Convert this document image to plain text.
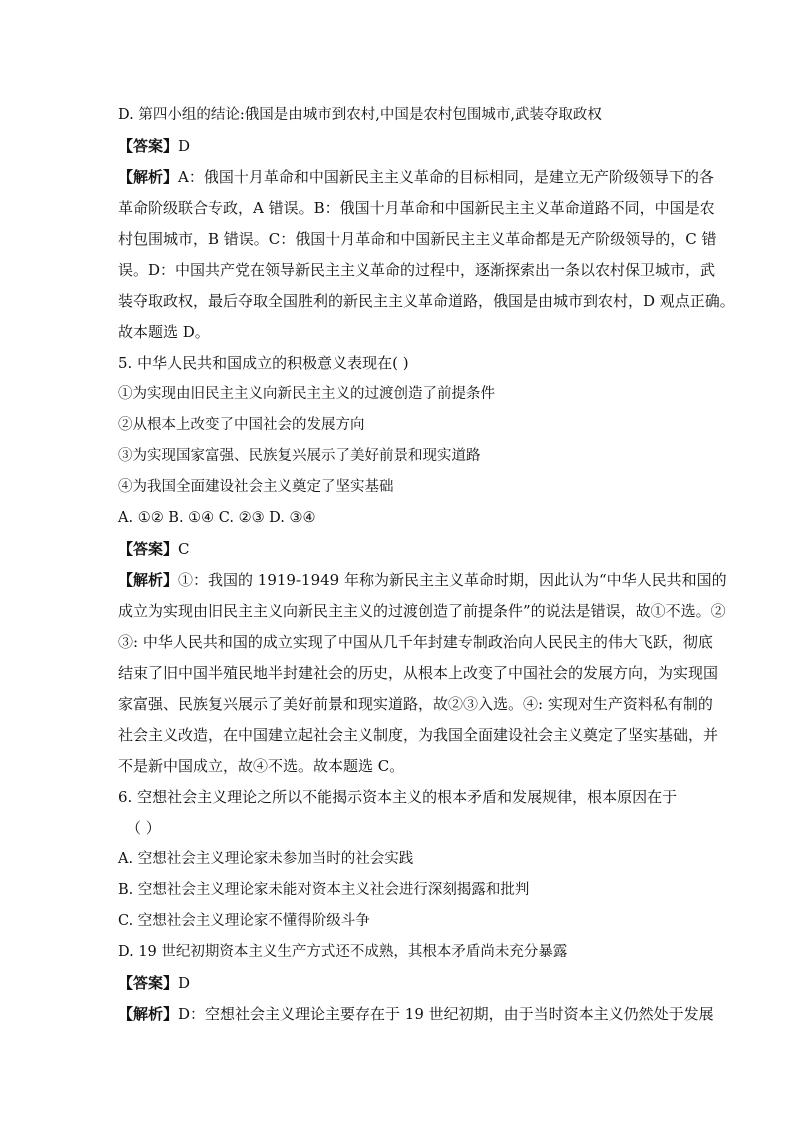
D. 第四小组的结论:俄国是由城市到农村,中国是农村包围城市,武装夺取政权
【答案】D
【解析】A：俄国十月革命和中国新民主主义革命的目标相同，是建立无产阶级领导下的各
革命阶级联合专政，A 错误。B：俄国十月革命和中国新民主主义革命道路不同，中国是农
村包围城市，B 错误。C：俄国十月革命和中国新民主主义革命都是无产阶级领导的，C 错
误。D：中国共产党在领导新民主主义革命的过程中，逐渐探索出一条以农村保卫城市，武
装夺取政权，最后夺取全国胜利的新民主主义革命道路，俄国是由城市到农村，D 观点正确。
故本题选 D。
5. 中华人民共和国成立的积极意义表现在( )
①为实现由旧民主主义向新民主主义的过渡创造了前提条件
②从根本上改变了中国社会的发展方向
③为实现国家富强、民族复兴展示了美好前景和现实道路
④为我国全面建设社会主义奠定了坚实基础
A. ①② B. ①④ C. ②③ D. ③④
【答案】C
【解析】①：我国的 1919-1949 年称为新民主主义革命时期，因此认为“中华人民共和国的
成立为实现由旧民主主义向新民主主义的过渡创造了前提条件”的说法是错误，故①不选。②
③: 中华人民共和国的成立实现了中国从几千年封建专制政治向人民民主的伟大飞跃，彻底
结束了旧中国半殖民地半封建社会的历史，从根本上改变了中国社会的发展方向，为实现国
家富强、民族复兴展示了美好前景和现实道路，故②③入选。④: 实现对生产资料私有制的
社会主义改造，在中国建立起社会主义制度，为我国全面建设社会主义奠定了坚实基础，并
不是新中国成立，故④不选。故本题选 C。
6. 空想社会主义理论之所以不能揭示资本主义的根本矛盾和发展规律，根本原因在于
（ ）
A. 空想社会主义理论家未参加当时的社会实践
B. 空想社会主义理论家未能对资本主义社会进行深刻揭露和批判
C. 空想社会主义理论家不懂得阶级斗争
D. 19 世纪初期资本主义生产方式还不成熟，其根本矛盾尚未充分暴露
【答案】D
【解析】D：空想社会主义理论主要存在于 19 世纪初期，由于当时资本主义仍然处于发展
